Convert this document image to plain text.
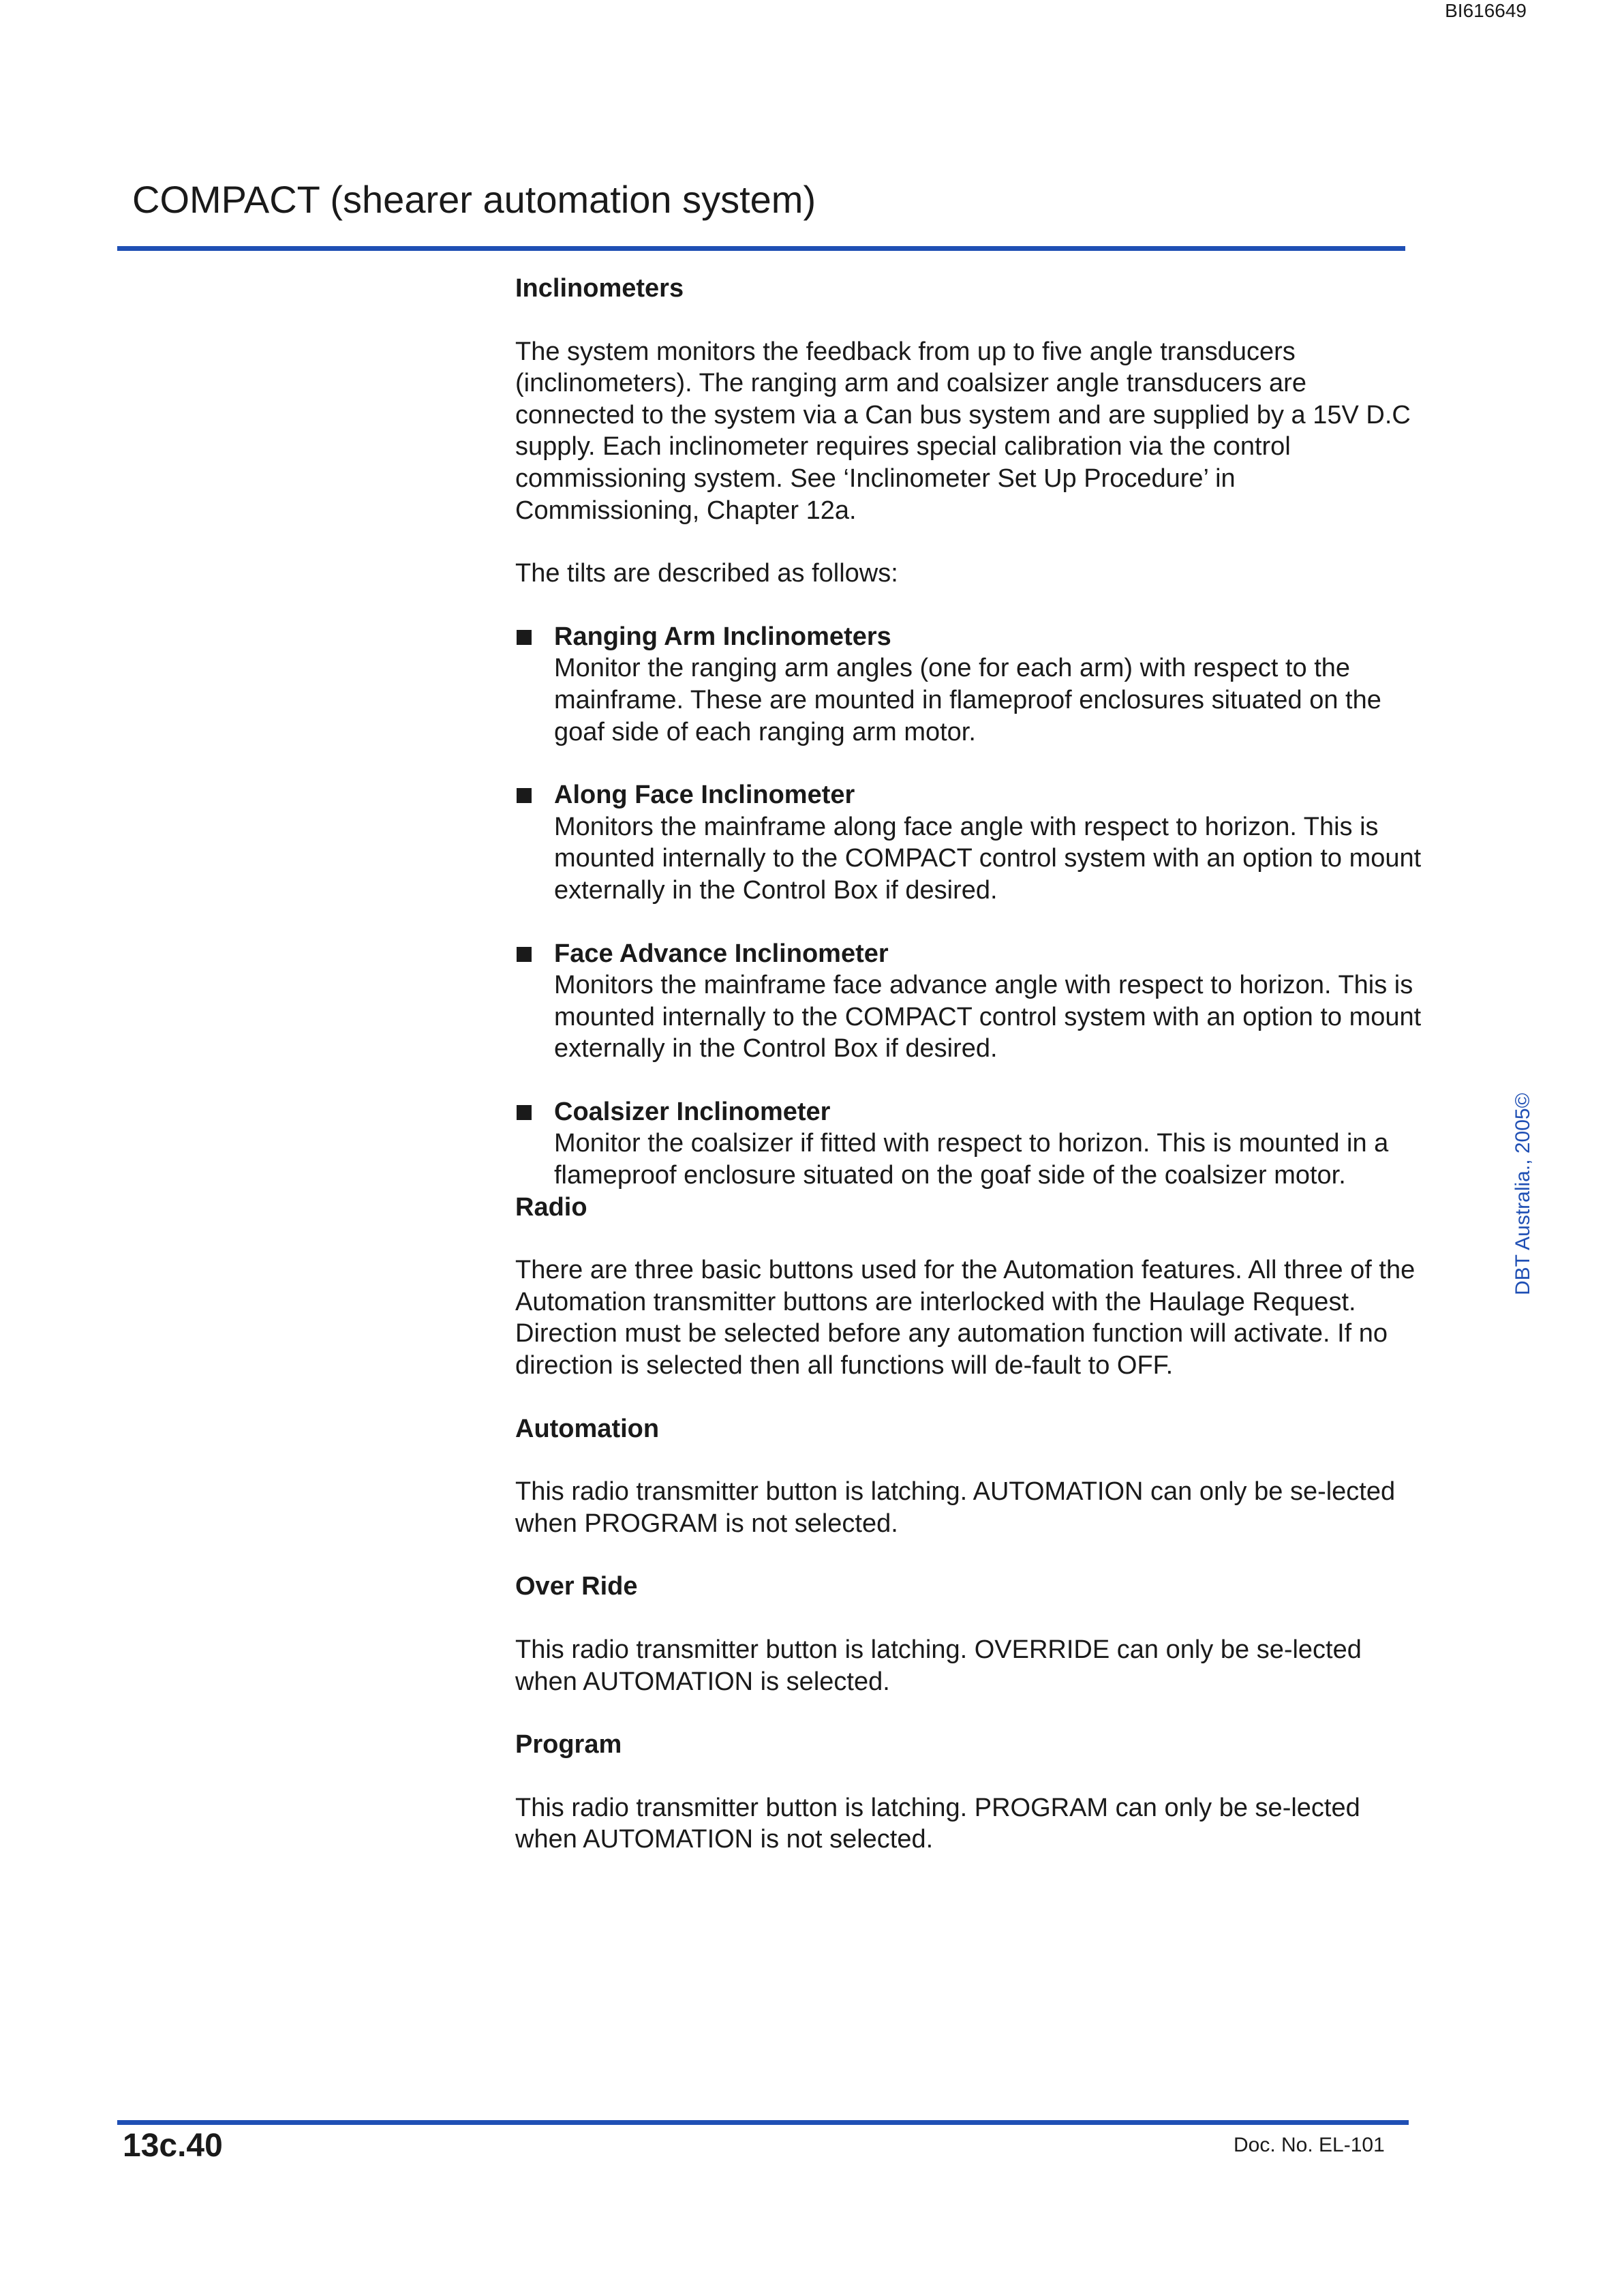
BI616649
COMPACT (shearer automation system)
Inclinometers

The system monitors the feedback from up to five angle transducers (inclinometers). The ranging arm and coalsizer angle transducers are connected to the system via a Can bus system and are supplied by a 15V D.C supply. Each inclinometer requires special calibration via the control commissioning system. See ‘Inclinometer Set Up Procedure’ in Commissioning, Chapter 12a.

The tilts are described as follows:

Ranging Arm Inclinometers
Monitor the ranging arm angles (one for each arm) with respect to the mainframe. These are mounted in flameproof enclosures situated on the goaf side of each ranging arm motor.
Along Face Inclinometer
Monitors the mainframe along face angle with respect to horizon. This is mounted internally to the COMPACT control system with an option to mount externally in the Control Box if desired.
Face Advance Inclinometer
Monitors the mainframe face advance angle with respect to horizon. This is mounted internally to the COMPACT control system with an option to mount externally in the Control Box if desired.
Coalsizer Inclinometer
Monitor the coalsizer if fitted with respect to horizon. This is mounted in a flameproof enclosure situated on the goaf side of the coalsizer motor.
Radio

There are three basic buttons used for the Automation features. All three of the Automation transmitter buttons are interlocked with the Haulage Request. Direction must be selected before any automation function will activate. If no direction is selected then all functions will de-fault to OFF.

Automation

This radio transmitter button is latching. AUTOMATION can only be se-lected when PROGRAM is not selected.

Over Ride

This radio transmitter button is latching. OVERRIDE can only be se-lected when AUTOMATION is selected.

Program

This radio transmitter button is latching. PROGRAM can only be se-lected when AUTOMATION is not selected.

DBT Australia., 2005©
13c.40	Doc. No. EL-101
